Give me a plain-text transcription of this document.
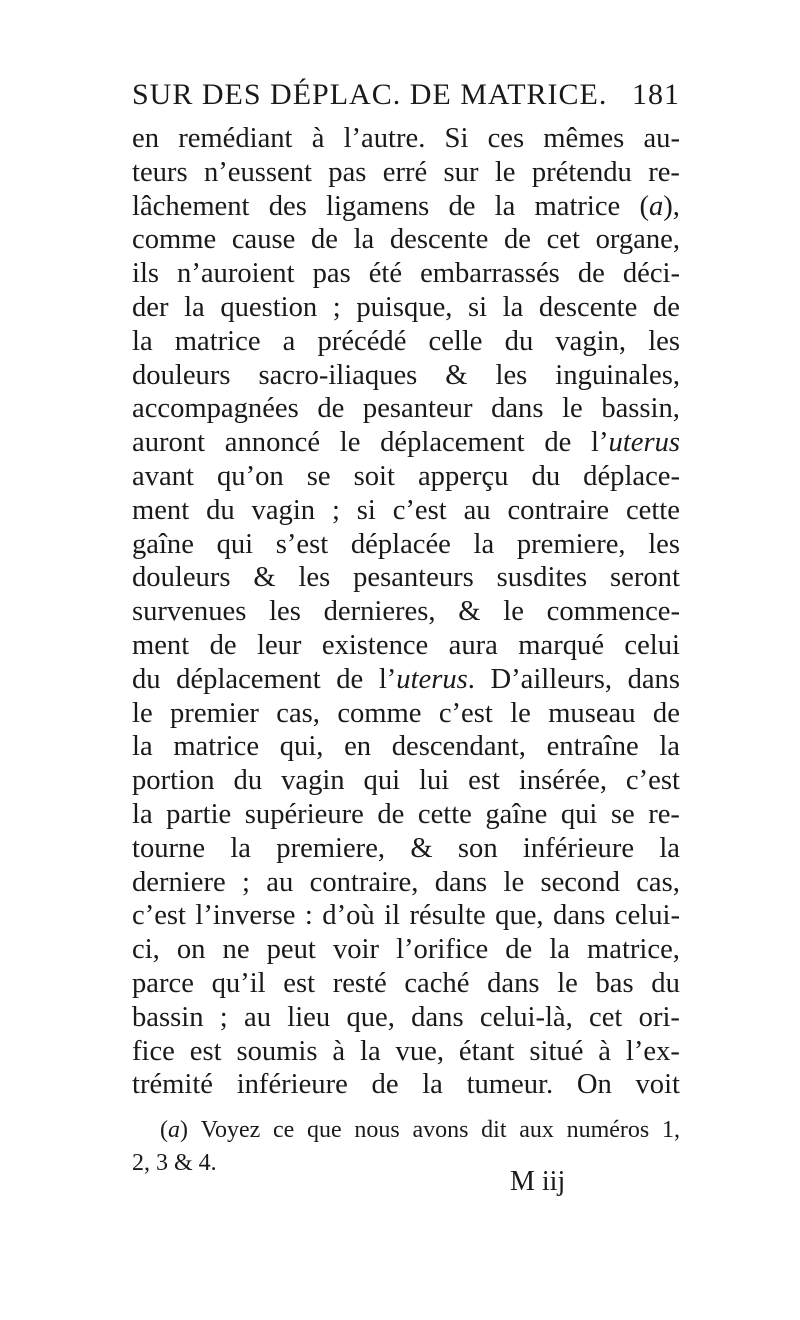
SUR DES DÉPLAC. DE MATRICE. 181
en remédiant à l’autre. Si ces mêmes au-
teurs n’eussent pas erré sur le prétendu re-
lâchement des ligamens de la matrice (a),
comme cause de la descente de cet organe,
ils n’auroient pas été embarrassés de déci-
der la question ; puisque, si la descente de
la matrice a précédé celle du vagin, les
douleurs sacro-iliaques & les inguinales,
accompagnées de pesanteur dans le bassin,
auront annoncé le déplacement de l’uterus
avant qu’on se soit apperçu du déplace-
ment du vagin ; si c’est au contraire cette
gaîne qui s’est déplacée la premiere, les
douleurs & les pesanteurs susdites seront
survenues les dernieres, & le commence-
ment de leur existence aura marqué celui
du déplacement de l’uterus. D’ailleurs, dans
le premier cas, comme c’est le museau de
la matrice qui, en descendant, entraîne la
portion du vagin qui lui est insérée, c’est
la partie supérieure de cette gaîne qui se re-
tourne la premiere, & son inférieure la
derniere ; au contraire, dans le second cas,
c’est l’inverse : d’où il résulte que, dans celui-
ci, on ne peut voir l’orifice de la matrice,
parce qu’il est resté caché dans le bas du
bassin ; au lieu que, dans celui-là, cet ori-
fice est soumis à la vue, étant situé à l’ex-
trémité inférieure de la tumeur. On voit
(a) Voyez ce que nous avons dit aux numéros 1,
2, 3 & 4.
M iij
